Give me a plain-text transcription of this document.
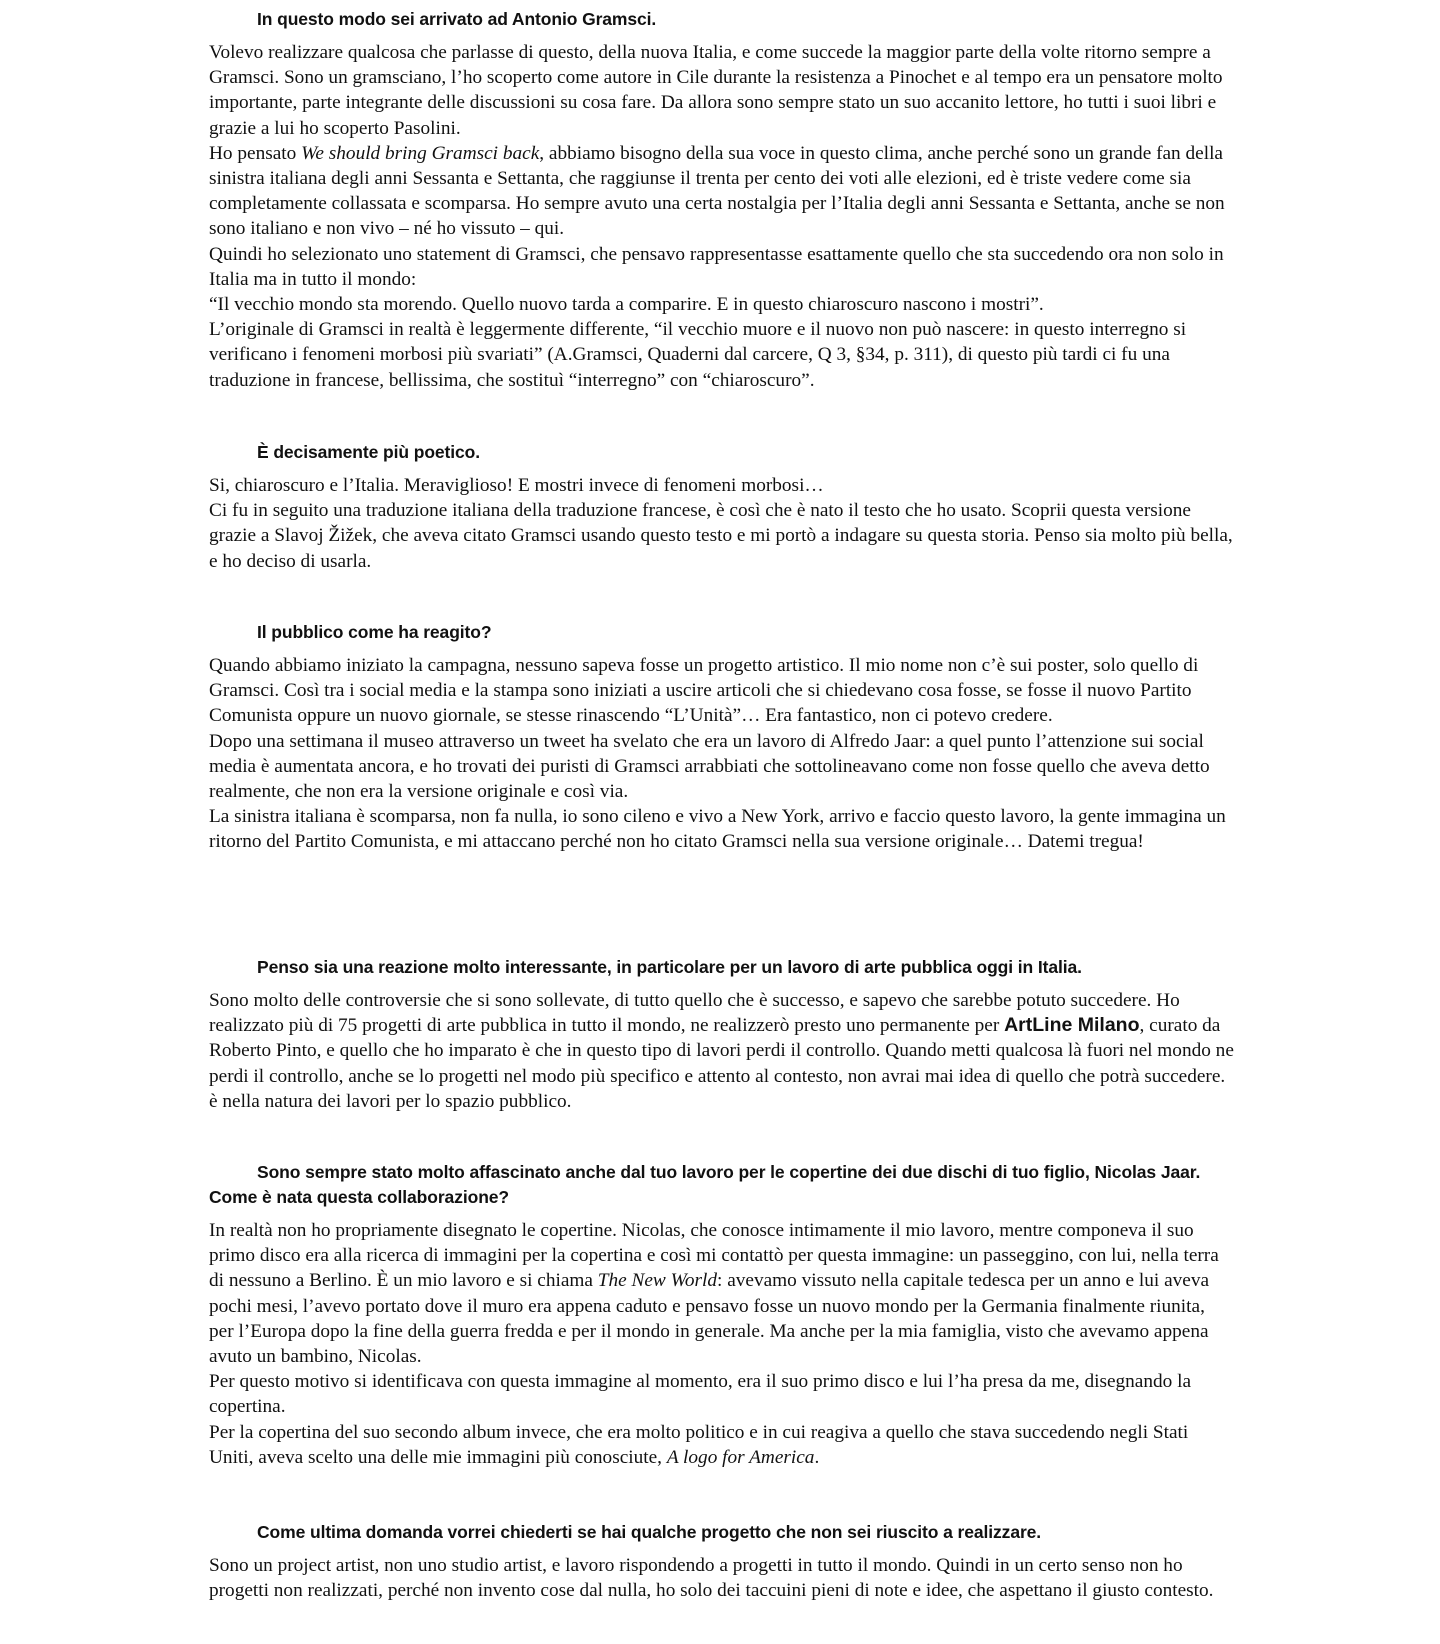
In questo modo sei arrivato ad Antonio Gramsci.

Volevo realizzare qualcosa che parlasse di questo, della nuova Italia, e come succede la maggior parte della volte ritorno sempre a Gramsci. Sono un gramsciano, l’ho scoperto come autore in Cile durante la resistenza a Pinochet e al tempo era un pensatore molto importante, parte integrante delle discussioni su cosa fare. Da allora sono sempre stato un suo accanito lettore, ho tutti i suoi libri e grazie a lui ho scoperto Pasolini.

Ho pensato We should bring Gramsci back, abbiamo bisogno della sua voce in questo clima, anche perché sono un grande fan della sinistra italiana degli anni Sessanta e Settanta, che raggiunse il trenta per cento dei voti alle elezioni, ed è triste vedere come sia completamente collassata e scomparsa. Ho sempre avuto una certa nostalgia per l’Italia degli anni Sessanta e Settanta, anche se non sono italiano e non vivo – né ho vissuto – qui.

Quindi ho selezionato uno statement di Gramsci, che pensavo rappresentasse esattamente quello che sta succedendo ora non solo in Italia ma in tutto il mondo:

“Il vecchio mondo sta morendo. Quello nuovo tarda a comparire. E in questo chiaroscuro nascono i mostri”.

L’originale di Gramsci in realtà è leggermente differente, “il vecchio muore e il nuovo non può nascere: in questo interregno si verificano i fenomeni morbosi più svariati” (A.Gramsci, Quaderni dal carcere, Q 3, §34, p. 311), di questo più tardi ci fu una traduzione in francese, bellissima, che sostituì “interregno” con “chiaroscuro”.

È decisamente più poetico.

Si, chiaroscuro e l’Italia. Meraviglioso! E mostri invece di fenomeni morbosi…

Ci fu in seguito una traduzione italiana della traduzione francese, è così che è nato il testo che ho usato. Scoprii questa versione grazie a Slavoj Žižek, che aveva citato Gramsci usando questo testo e mi portò a indagare su questa storia. Penso sia molto più bella, e ho deciso di usarla.

Il pubblico come ha reagito?

Quando abbiamo iniziato la campagna, nessuno sapeva fosse un progetto artistico. Il mio nome non c’è sui poster, solo quello di Gramsci. Così tra i social media e la stampa sono iniziati a uscire articoli che si chiedevano cosa fosse, se fosse il nuovo Partito Comunista oppure un nuovo giornale, se stesse rinascendo “L’Unità”… Era fantastico, non ci potevo credere.

Dopo una settimana il museo attraverso un tweet ha svelato che era un lavoro di Alfredo Jaar: a quel punto l’attenzione sui social media è aumentata ancora, e ho trovati dei puristi di Gramsci arrabbiati che sottolineavano come non fosse quello che aveva detto realmente, che non era la versione originale e così via.

La sinistra italiana è scomparsa, non fa nulla, io sono cileno e vivo a New York, arrivo e faccio questo lavoro, la gente immagina un ritorno del Partito Comunista, e mi attaccano perché non ho citato Gramsci nella sua versione originale… Datemi tregua!

Penso sia una reazione molto interessante, in particolare per un lavoro di arte pubblica oggi in Italia.

Sono molto delle controversie che si sono sollevate, di tutto quello che è successo, e sapevo che sarebbe potuto succedere. Ho realizzato più di 75 progetti di arte pubblica in tutto il mondo, ne realizzerò presto uno permanente per ArtLine Milano, curato da Roberto Pinto, e quello che ho imparato è che in questo tipo di lavori perdi il controllo. Quando metti qualcosa là fuori nel mondo ne perdi il controllo, anche se lo progetti nel modo più specifico e attento al contesto, non avrai mai idea di quello che potrà succedere. è nella natura dei lavori per lo spazio pubblico.

Sono sempre stato molto affascinato anche dal tuo lavoro per le copertine dei due dischi di tuo figlio, Nicolas Jaar. Come è nata questa collaborazione?

In realtà non ho propriamente disegnato le copertine. Nicolas, che conosce intimamente il mio lavoro, mentre componeva il suo primo disco era alla ricerca di immagini per la copertina e così mi contattò per questa immagine: un passeggino, con lui, nella terra di nessuno a Berlino. È un mio lavoro e si chiama The New World: avevamo vissuto nella capitale tedesca per un anno e lui aveva pochi mesi, l’avevo portato dove il muro era appena caduto e pensavo fosse un nuovo mondo per la Germania finalmente riunita, per l’Europa dopo la fine della guerra fredda e per il mondo in generale. Ma anche per la mia famiglia, visto che avevamo appena avuto un bambino, Nicolas.

Per questo motivo si identificava con questa immagine al momento, era il suo primo disco e lui l’ha presa da me, disegnando la copertina.

Per la copertina del suo secondo album invece, che era molto politico e in cui reagiva a quello che stava succedendo negli Stati Uniti, aveva scelto una delle mie immagini più conosciute, A logo for America.

Come ultima domanda vorrei chiederti se hai qualche progetto che non sei riuscito a realizzare.

Sono un project artist, non uno studio artist, e lavoro rispondendo a progetti in tutto il mondo. Quindi in un certo senso non ho progetti non realizzati, perché non invento cose dal nulla, ho solo dei taccuini pieni di note e idee, che aspettano il giusto contesto.
